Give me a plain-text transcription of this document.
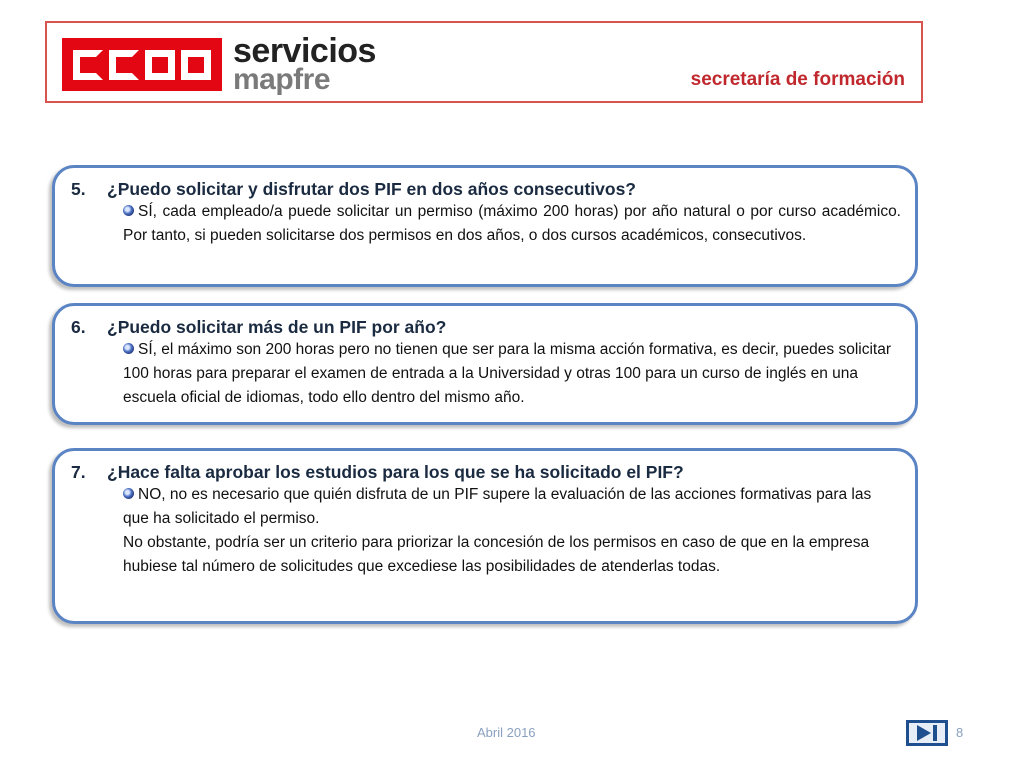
servicios
mapfre	secretaría de formación
5.	¿Puedo solicitar y disfrutar dos PIF en dos años consecutivos?

SÍ, cada empleado/a puede solicitar un permiso (máximo 200 horas) por año natural o por curso académico. Por tanto, si pueden solicitarse dos permisos en dos años, o dos cursos académicos, consecutivos.

6.	¿Puedo solicitar más de un PIF por año?

SÍ, el máximo son 200 horas pero no tienen que ser para la misma acción formativa, es decir, puedes solicitar 100 horas para preparar el examen de entrada a la Universidad y otras 100 para un curso de inglés en una escuela oficial de idiomas, todo ello dentro del mismo año.

7.	¿Hace falta aprobar los estudios para los que se ha solicitado el PIF?

NO, no es necesario que quién disfruta de un PIF supere la evaluación de las acciones formativas para las que ha solicitado el permiso.

No obstante, podría ser un criterio para priorizar la concesión de los permisos en caso de que en la empresa hubiese tal número de solicitudes que excediese las posibilidades de atenderlas todas.

Abril 2016	8
